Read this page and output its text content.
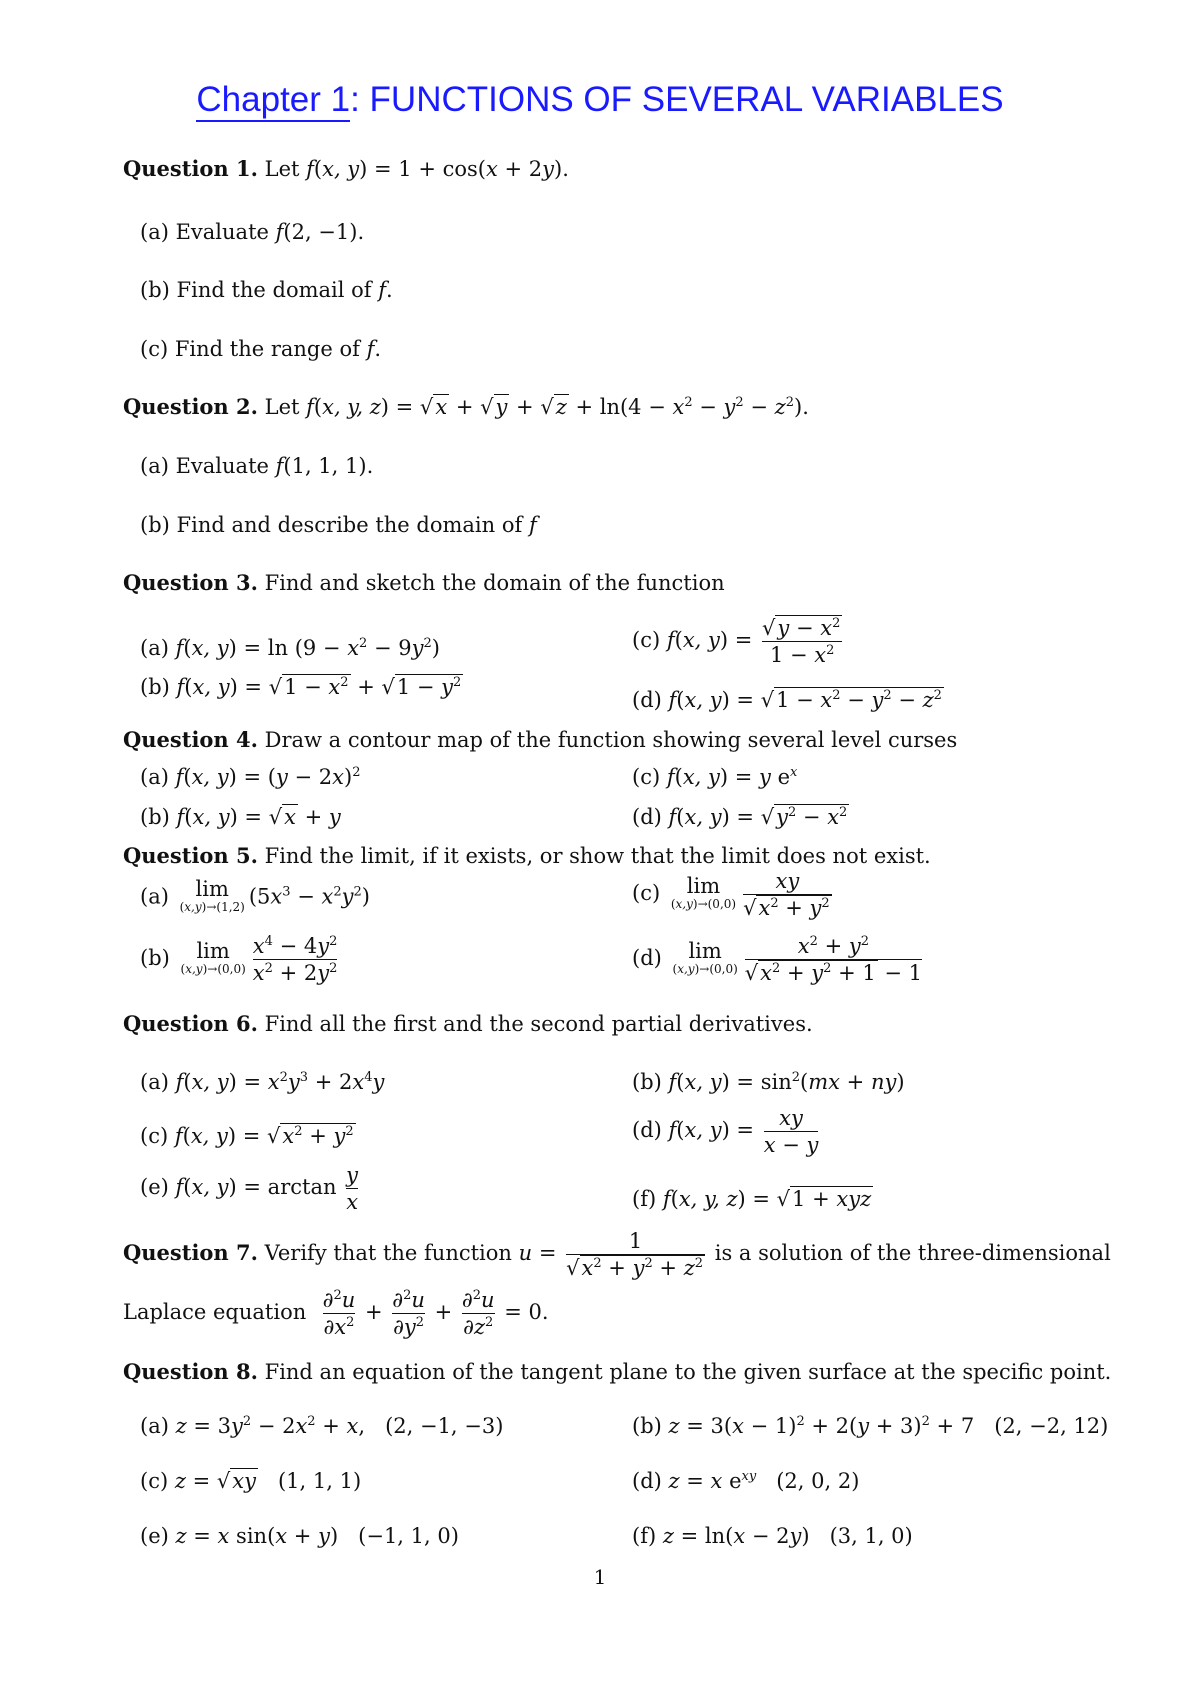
Chapter 1: FUNCTIONS OF SEVERAL VARIABLES
Question 1. Let f(x, y) = 1 + cos(x + 2y).
(a) Evaluate f(2, −1).
(b) Find the domail of f.
(c) Find the range of f.
Question 2. Let f(x, y, $z) = √x + √y + √z + \ln(4 - x^2 - y^2 - z^2)$.
(a) Evaluate f(1, 1, 1).
(b) Find and describe the domain of f
Question 3. Find and sketch the domain of the function
(a) f(x, $y) = \ln (9 - x^2 - 9y^2)$
(b) f(x, $y) = √1 - x^2 + √1 - y^2$
(c) f(x, $y) = \frac{√y - x^2}{1 - x^2}$
(d) f(x, $y) = √1 - x^2 - y^2 - z^2$
Question 4. Draw a contour map of the function showing several level curses
(a) f(x, $y) = (y - 2x)^2$
(b) f(x, y) = √x + y
(c) f(x, y) = y $e^x$
(d) f(x, $y) = √y^2 - x^2$
Question 5. Find the limit, if it exists, or show that the limit does not exist.
(a) lim
(x,y)→(1,2) $(5x^3 - x^2y^2)$
(b) lim
$(x,y)\to(0,0) \frac{x^4 - 4y^2}{x^2 + 2y^2}$
(c) lim
$(x,y)\to(0,0) \frac{xy}{√x^2 + y^2}$
(d) lim
$(x,y)\to(0,0) \frac{x^2 + y^2}{√x^2 + y^2 + 1 - 1}$
Question 6. Find all the first and the second partial derivatives.
(a) f(x, $y) = x^2y^3 + 2x^4y$	(b) f(x, $y) = \sin^2(mx + ny)$
(c) f(x, $y) = √x^2 + y^2$	(d) f(x, $y) = \frac{xy}{x - y}$
(e) f(x, $y) = \arctan \frac{y}{x}$	(f) f(x, y, z) = √1 + xyz
Question 7. Verify that the function $u = \frac{1}{√x^2 + y^2 + z^2}$ is a solution of the three-dimensional
Laplace equation $\frac{\partial^2u}{\partial x^2} + \frac{\partial^2u}{\partial y^2} + \frac{\partial^2u}{\partial z^2} = 0$.
Question 8. Find an equation of the tangent plane to the given surface at the specific point.
(a) $z = 3y^2 - 2x^2 + x$,   (2, −1, −3)	(b) $z = 3(x - 1)^2 + 2(y + 3)^2 + 7$   (2, −2, 12)
(c) z = √xy   (1, 1, 1)	(d) z = x $e^{xy}$   (2, 0, 2)
(e) z = x sin(x + y)   (−1, 1, 0)	(f) z = ln(x − 2y)   (3, 1, 0)
1
